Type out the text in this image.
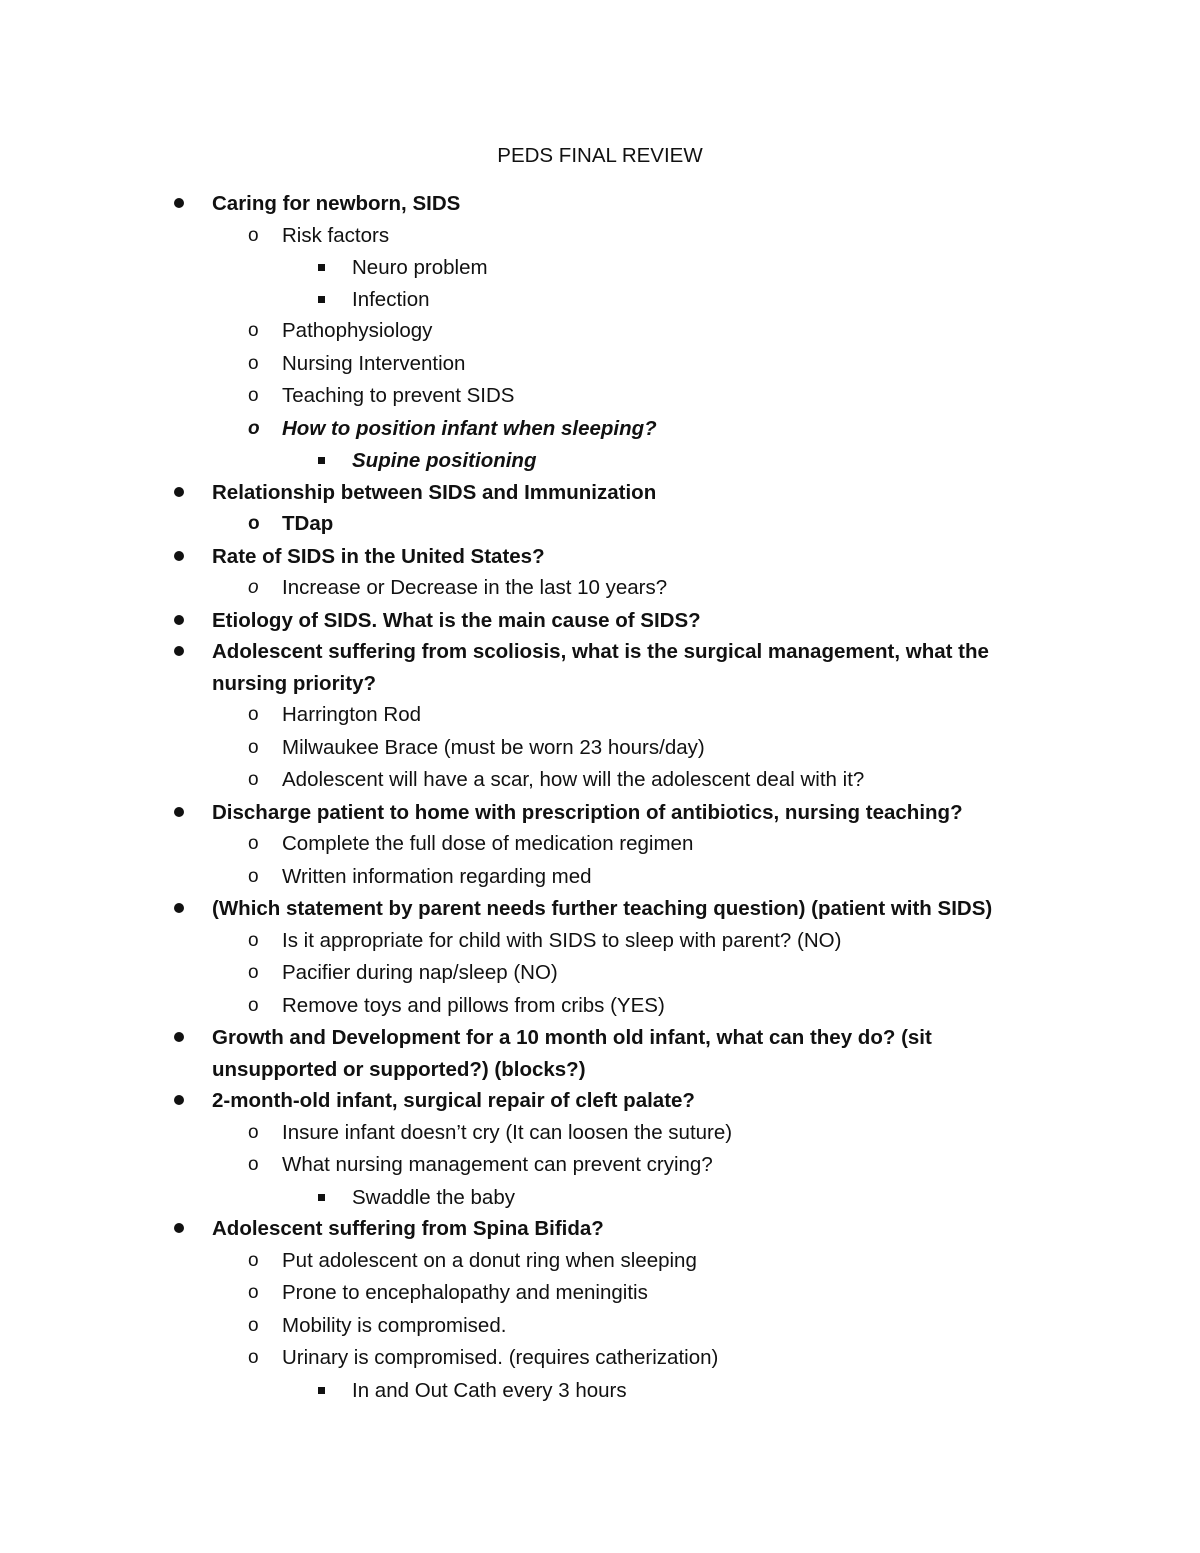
PEDS FINAL REVIEW
Caring for newborn, SIDS
o Risk factors
Neuro problem
Infection
o Pathophysiology
o Nursing Intervention
o Teaching to prevent SIDS
o How to position infant when sleeping?
Supine positioning
Relationship between SIDS and Immunization
o TDap
Rate of SIDS in the United States?
o Increase or Decrease in the last 10 years?
Etiology of SIDS. What is the main cause of SIDS?
Adolescent suffering from scoliosis, what is the surgical management, what the nursing priority?
o Harrington Rod
o Milwaukee Brace (must be worn 23 hours/day)
o Adolescent will have a scar, how will the adolescent deal with it?
Discharge patient to home with prescription of antibiotics, nursing teaching?
o Complete the full dose of medication regimen
o Written information regarding med
(Which statement by parent needs further teaching question) (patient with SIDS)
o Is it appropriate for child with SIDS to sleep with parent? (NO)
o Pacifier during nap/sleep (NO)
o Remove toys and pillows from cribs (YES)
Growth and Development for a 10 month old infant, what can they do? (sit unsupported or supported?) (blocks?)
2-month-old infant, surgical repair of cleft palate?
o Insure infant doesn’t cry (It can loosen the suture)
o What nursing management can prevent crying?
Swaddle the baby
Adolescent suffering from Spina Bifida?
o Put adolescent on a donut ring when sleeping
o Prone to encephalopathy and meningitis
o Mobility is compromised.
o Urinary is compromised. (requires catherization)
In and Out Cath every 3 hours
